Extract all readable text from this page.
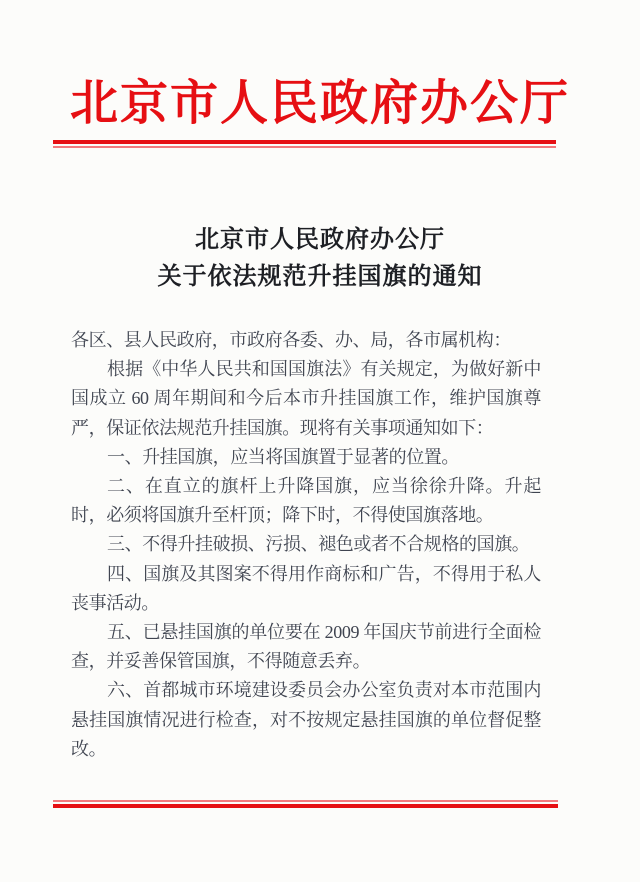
北京市人民政府办公厅
北京市人民政府办公厅
关于依法规范升挂国旗的通知

各区、县人民政府，市政府各委、办、局，各市属机构：

根据《中华人民共和国国旗法》有关规定，为做好新中国成立 60 周年期间和今后本市升挂国旗工作，维护国旗尊严，保证依法规范升挂国旗。现将有关事项通知如下：

一、升挂国旗，应当将国旗置于显著的位置。

二、在直立的旗杆上升降国旗，应当徐徐升降。升起时，必须将国旗升至杆顶；降下时，不得使国旗落地。

三、不得升挂破损、污损、褪色或者不合规格的国旗。

四、国旗及其图案不得用作商标和广告，不得用于私人丧事活动。

五、已悬挂国旗的单位要在 2009 年国庆节前进行全面检查，并妥善保管国旗，不得随意丢弃。

六、首都城市环境建设委员会办公室负责对本市范围内悬挂国旗情况进行检查，对不按规定悬挂国旗的单位督促整改。
